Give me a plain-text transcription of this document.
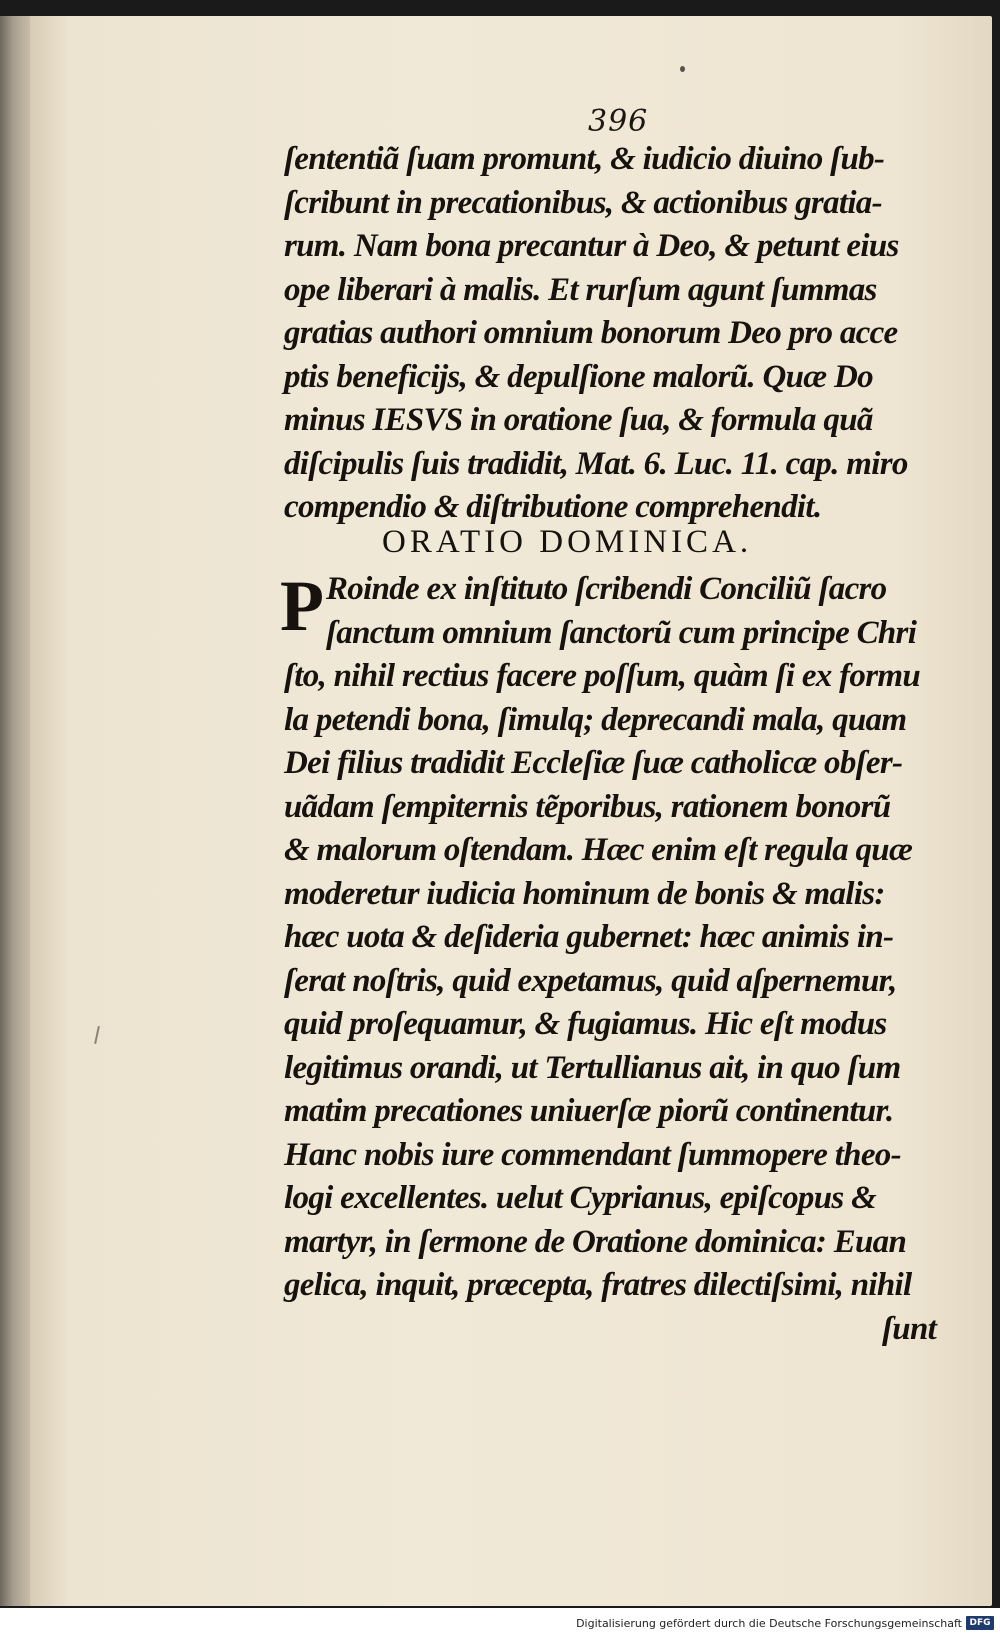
396
ſententiã ſuam promunt, & iudicio diuino ſub-
ſcribunt in precationibus, & actionibus gratia-
rum. Nam bona precantur à Deo, & petunt eius
ope liberari à malis. Et rurſum agunt ſummas
gratias authori omnium bonorum Deo pro acce
ptis beneficijs, & depulſione malorũ. Quæ Do
minus IESVS in oratione ſua, & formula quã
diſcipulis ſuis tradidit, Mat. 6. Luc. 11. cap. miro
compendio & diſtributione comprehendit.
ORATIO DOMINICA.
P Roinde ex inſtituto ſcribendi Conciliũ ſacro
ſanctum omnium ſanctorũ cum principe Chri
ſto, nihil rectius facere poſſum, quàm ſi ex formu
la petendi bona, ſimulq; deprecandi mala, quam
Dei filius tradidit Eccleſiæ ſuæ catholicæ obſer-
uãdam ſempiternis tẽporibus, rationem bonorũ
& malorum oſtendam. Hæc enim eſt regula quæ
moderetur iudicia hominum de bonis & malis:
hæc uota & deſideria gubernet: hæc animis in-
ſerat noſtris, quid expetamus, quid aſpernemur,
quid proſequamur, & fugiamus. Hic eſt modus
legitimus orandi, ut Tertullianus ait, in quo ſum
matim precationes uniuerſæ piorũ continentur.
Hanc nobis iure commendant ſummopere theo-
logi excellentes. uelut Cyprianus, epiſcopus &
martyr, in ſermone de Oratione dominica: Euan
gelica, inquit, præcepta, fratres dilectiſsimi, nihil
ſunt
Digitalisierung gefördert durch die Deutsche Forschungsgemeinschaft DFG
